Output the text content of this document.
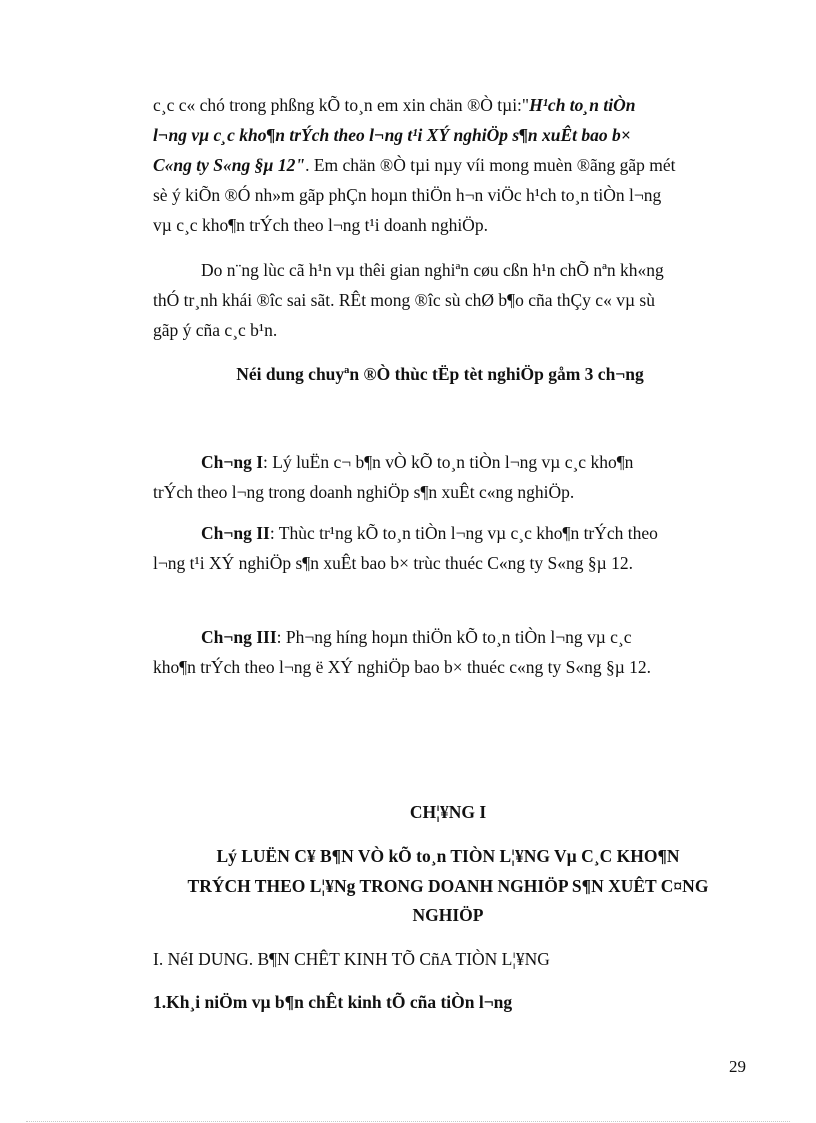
c¸c c« chó trong phßng kÕ to¸n em xin chän ®Ò tµi:"H¹ch to¸n tiÒn
l¬ng vµ c¸c kho¶n trÝch theo l¬ng t¹i XÝ nghiÖp s¶n xuÊt bao b×
C«ng ty S«ng §µ 12". Em chän ®Ò tµi nµy víi mong muèn ®ãng gãp mét
sè ý kiÕn ®Ó nh»m gãp phÇn hoµn thiÖn h¬n viÖc h¹ch to¸n tiÒn l¬ng
vµ c¸c kho¶n trÝch theo l¬ng t¹i doanh nghiÖp.
Do n¨ng lùc cã h¹n vµ thêi gian nghiªn cøu cßn h¹n chÕ nªn kh«ng
thÓ tr¸nh khái ®îc sai sãt. RÊt mong ®îc sù chØ b¶o cña thÇy c« vµ sù
gãp ý cña c¸c b¹n.
Néi dung chuyªn ®Ò thùc tËp tèt nghiÖp gåm 3 ch¬ng
Ch¬ng I: Lý luËn c¬ b¶n vÒ kÕ to¸n tiÒn l¬ng vµ c¸c kho¶n
trÝch theo l¬ng trong doanh nghiÖp s¶n xuÊt c«ng nghiÖp.
Ch¬ng II: Thùc tr¹ng kÕ to¸n tiÒn l¬ng vµ c¸c kho¶n trÝch theo
l¬ng t¹i XÝ nghiÖp s¶n xuÊt bao b× trùc thuéc C«ng ty S«ng §µ 12.
Ch¬ng III: Ph¬ng híng hoµn thiÖn kÕ to¸n tiÒn l¬ng vµ c¸c
kho¶n trÝch theo l¬ng ë XÝ nghiÖp bao b× thuéc c«ng ty S«ng §µ 12.
CH¦¥NG I
Lý LUËN C¥ B¶N VÒ kÕ to¸n TIÒN L¦¥NG Vµ C¸C KHO¶N
TRÝCH THEO L¦¥Ng TRONG DOANH NGHIÖP S¶N XUÊT C¤NG
NGHIÖP
I. NéI DUNG. B¶N CHÊT KINH TÕ CñA TIÒN L¦¥NG
1.Kh¸i niÖm vµ b¶n chÊt kinh tÕ cña tiÒn l¬ng
29
